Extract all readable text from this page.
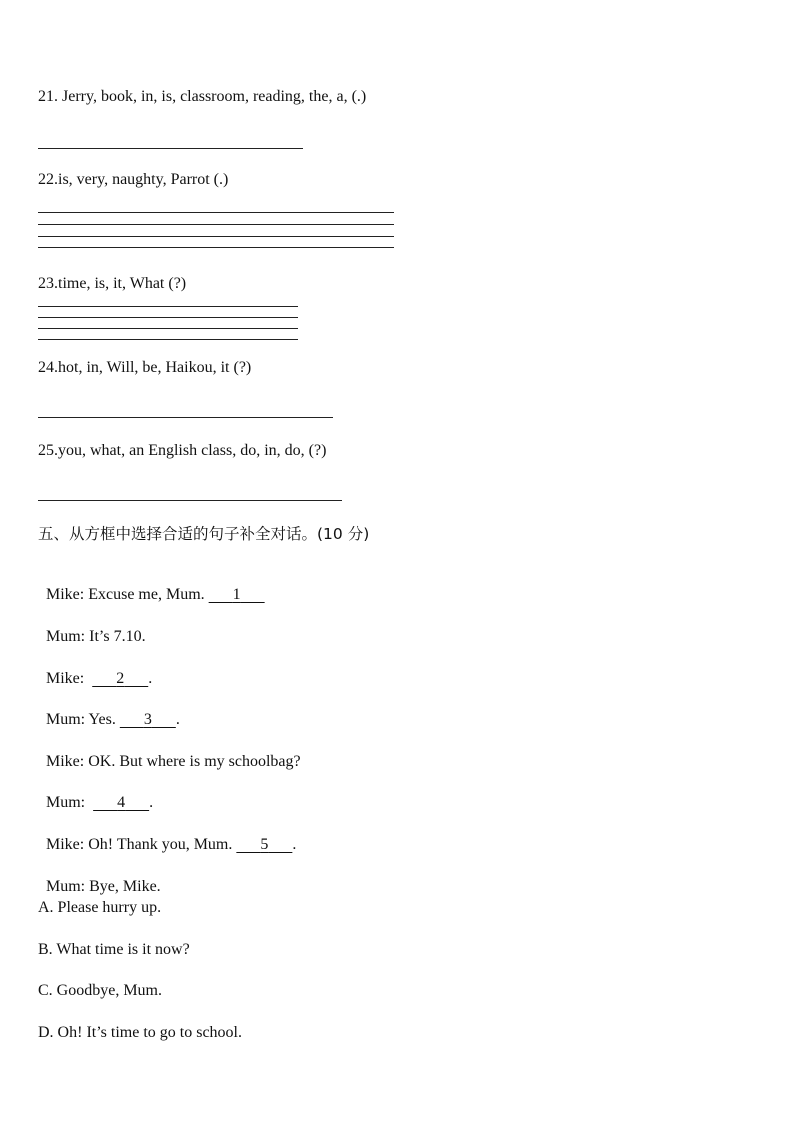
21. Jerry, book, in, is, classroom, reading, the, a, (.)
22.is, very, naughty, Parrot (.)
23.time, is, it, What (?)
24.hot, in, Will, be, Haikou, it (?)
25.you, what, an English class, do, in, do, (?)
五、从方框中选择合适的句子补全对话。(10 分)

Mike: Excuse me, Mum. 1

Mum: It’s 7.10.

Mike: 2 .

Mum: Yes. 3 .

Mike: OK. But where is my schoolbag?

Mum: 4 .

Mike: Oh! Thank you, Mum. 5 .

Mum: Bye, Mike.

A. Please hurry up.
B. What time is it now?
C. Goodbye, Mum.
D. Oh! It’s time to go to school.
